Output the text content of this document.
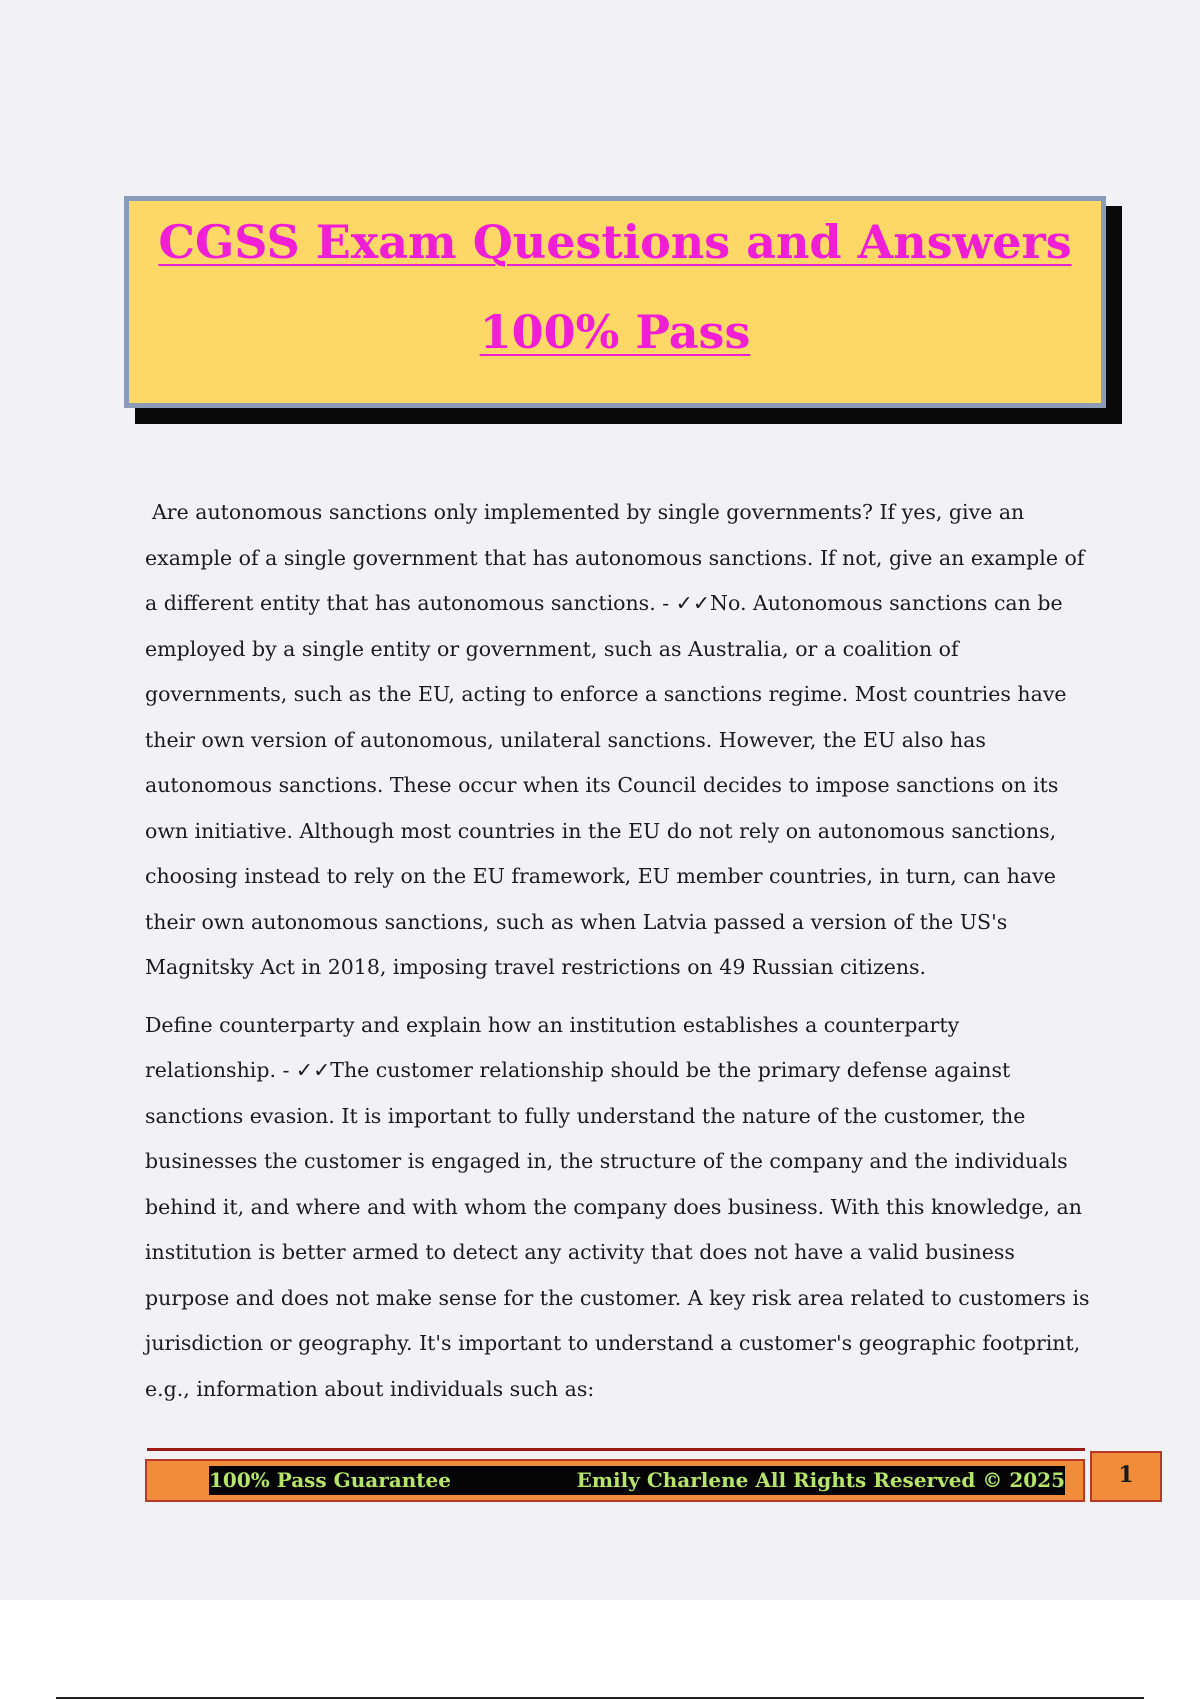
CGSS Exam Questions and Answers
100% Pass

Are autonomous sanctions only implemented by single governments? If yes, give an example of a single government that has autonomous sanctions. If not, give an example of a different entity that has autonomous sanctions. - ✓✓No. Autonomous sanctions can be employed by a single entity or government, such as Australia, or a coalition of governments, such as the EU, acting to enforce a sanctions regime. Most countries have their own version of autonomous, unilateral sanctions. However, the EU also has autonomous sanctions. These occur when its Council decides to impose sanctions on its own initiative. Although most countries in the EU do not rely on autonomous sanctions, choosing instead to rely on the EU framework, EU member countries, in turn, can have their own autonomous sanctions, such as when Latvia passed a version of the US's Magnitsky Act in 2018, imposing travel restrictions on 49 Russian citizens.

Define counterparty and explain how an institution establishes a counterparty relationship. - ✓✓The customer relationship should be the primary defense against sanctions evasion. It is important to fully understand the nature of the customer, the businesses the customer is engaged in, the structure of the company and the individuals behind it, and where and with whom the company does business. With this knowledge, an institution is better armed to detect any activity that does not have a valid business purpose and does not make sense for the customer. A key risk area related to customers is jurisdiction or geography. It's important to understand a customer's geographic footprint, e.g., information about individuals such as:

100% Pass Guarantee	Emily Charlene All Rights Reserved © 2025	1
